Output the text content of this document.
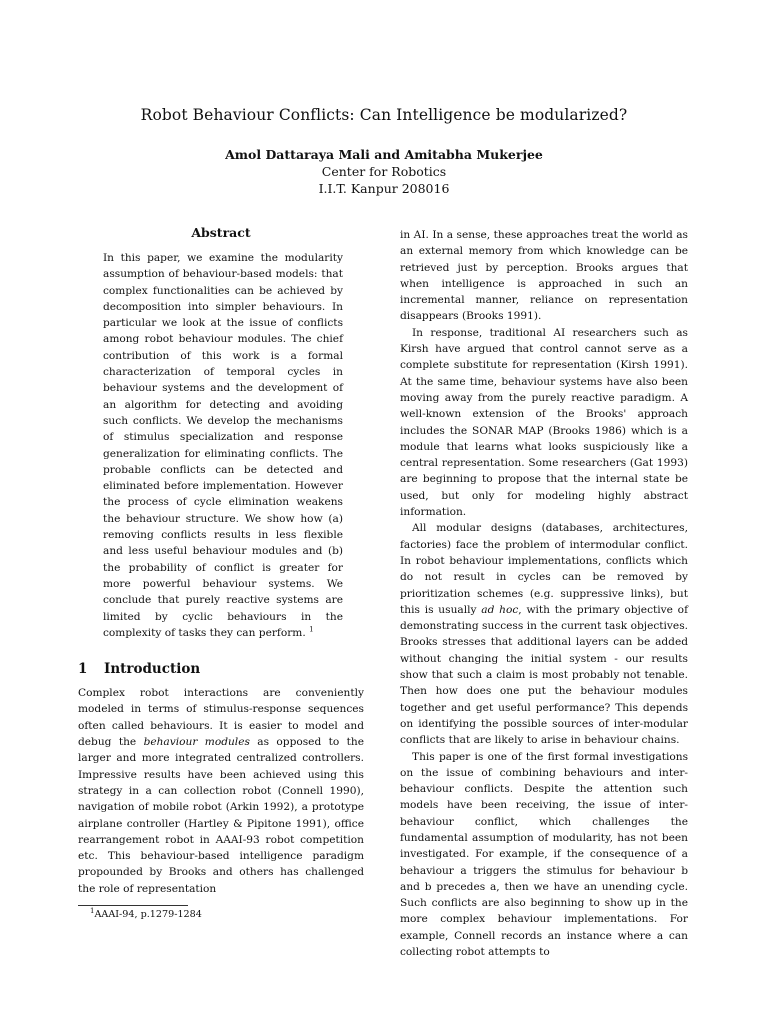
Robot Behaviour Conflicts: Can Intelligence be modularized?
Amol Dattaraya Mali and Amitabha Mukerjee
Center for Robotics
I.I.T. Kanpur 208016
Abstract
In this paper, we examine the modularity assumption of behaviour-based models: that complex functionalities can be achieved by decomposition into simpler behaviours. In particular we look at the issue of conflicts among robot behaviour modules. The chief contribution of this work is a formal characterization of temporal cycles in behaviour systems and the development of an algorithm for detecting and avoiding such conflicts. We develop the mechanisms of stimulus specialization and response generalization for eliminating conflicts. The probable conflicts can be detected and eliminated before implementation. However the process of cycle elimination weakens the behaviour structure. We show how (a) removing conflicts results in less flexible and less useful behaviour modules and (b) the probability of conflict is greater for more powerful behaviour systems. We conclude that purely reactive systems are limited by cyclic behaviours in the complexity of tasks they can perform. $^1$
1 Introduction
Complex robot interactions are conveniently modeled in terms of stimulus-response sequences often called behaviours. It is easier to model and debug the behaviour modules as opposed to the larger and more integrated centralized controllers. Impressive results have been achieved using this strategy in a can collection robot (Connell 1990), navigation of mobile robot (Arkin 1992), a prototype airplane controller (Hartley & Pipitone 1991), office rearrangement robot in AAAI-93 robot competition etc. This behaviour-based intelligence paradigm propounded by Brooks and others has challenged the role of representation
$^1$AAAI-94, p.1279-1284

in AI. In a sense, these approaches treat the world as an external memory from which knowledge can be retrieved just by perception. Brooks argues that when intelligence is approached in such an incremental manner, reliance on representation disappears (Brooks 1991).

In response, traditional AI researchers such as Kirsh have argued that control cannot serve as a complete substitute for representation (Kirsh 1991). At the same time, behaviour systems have also been moving away from the purely reactive paradigm. A well-known extension of the Brooks' approach includes the SONAR MAP (Brooks 1986) which is a module that learns what looks suspiciously like a central representation. Some researchers (Gat 1993) are beginning to propose that the internal state be used, but only for modeling highly abstract information.

All modular designs (databases, architectures, factories) face the problem of intermodular conflict. In robot behaviour implementations, conflicts which do not result in cycles can be removed by prioritization schemes (e.g. suppressive links), but this is usually ad hoc, with the primary objective of demonstrating success in the current task objectives. Brooks stresses that additional layers can be added without changing the initial system - our results show that such a claim is most probably not tenable. Then how does one put the behaviour modules together and get useful performance? This depends on identifying the possible sources of inter-modular conflicts that are likely to arise in behaviour chains.

This paper is one of the first formal investigations on the issue of combining behaviours and inter-behaviour conflicts. Despite the attention such models have been receiving, the issue of inter-behaviour conflict, which challenges the fundamental assumption of modularity, has not been investigated. For example, if the consequence of a behaviour a triggers the stimulus for behaviour b and b precedes a, then we have an unending cycle. Such conflicts are also beginning to show up in the more complex behaviour implementations. For example, Connell records an instance where a can collecting robot attempts to
